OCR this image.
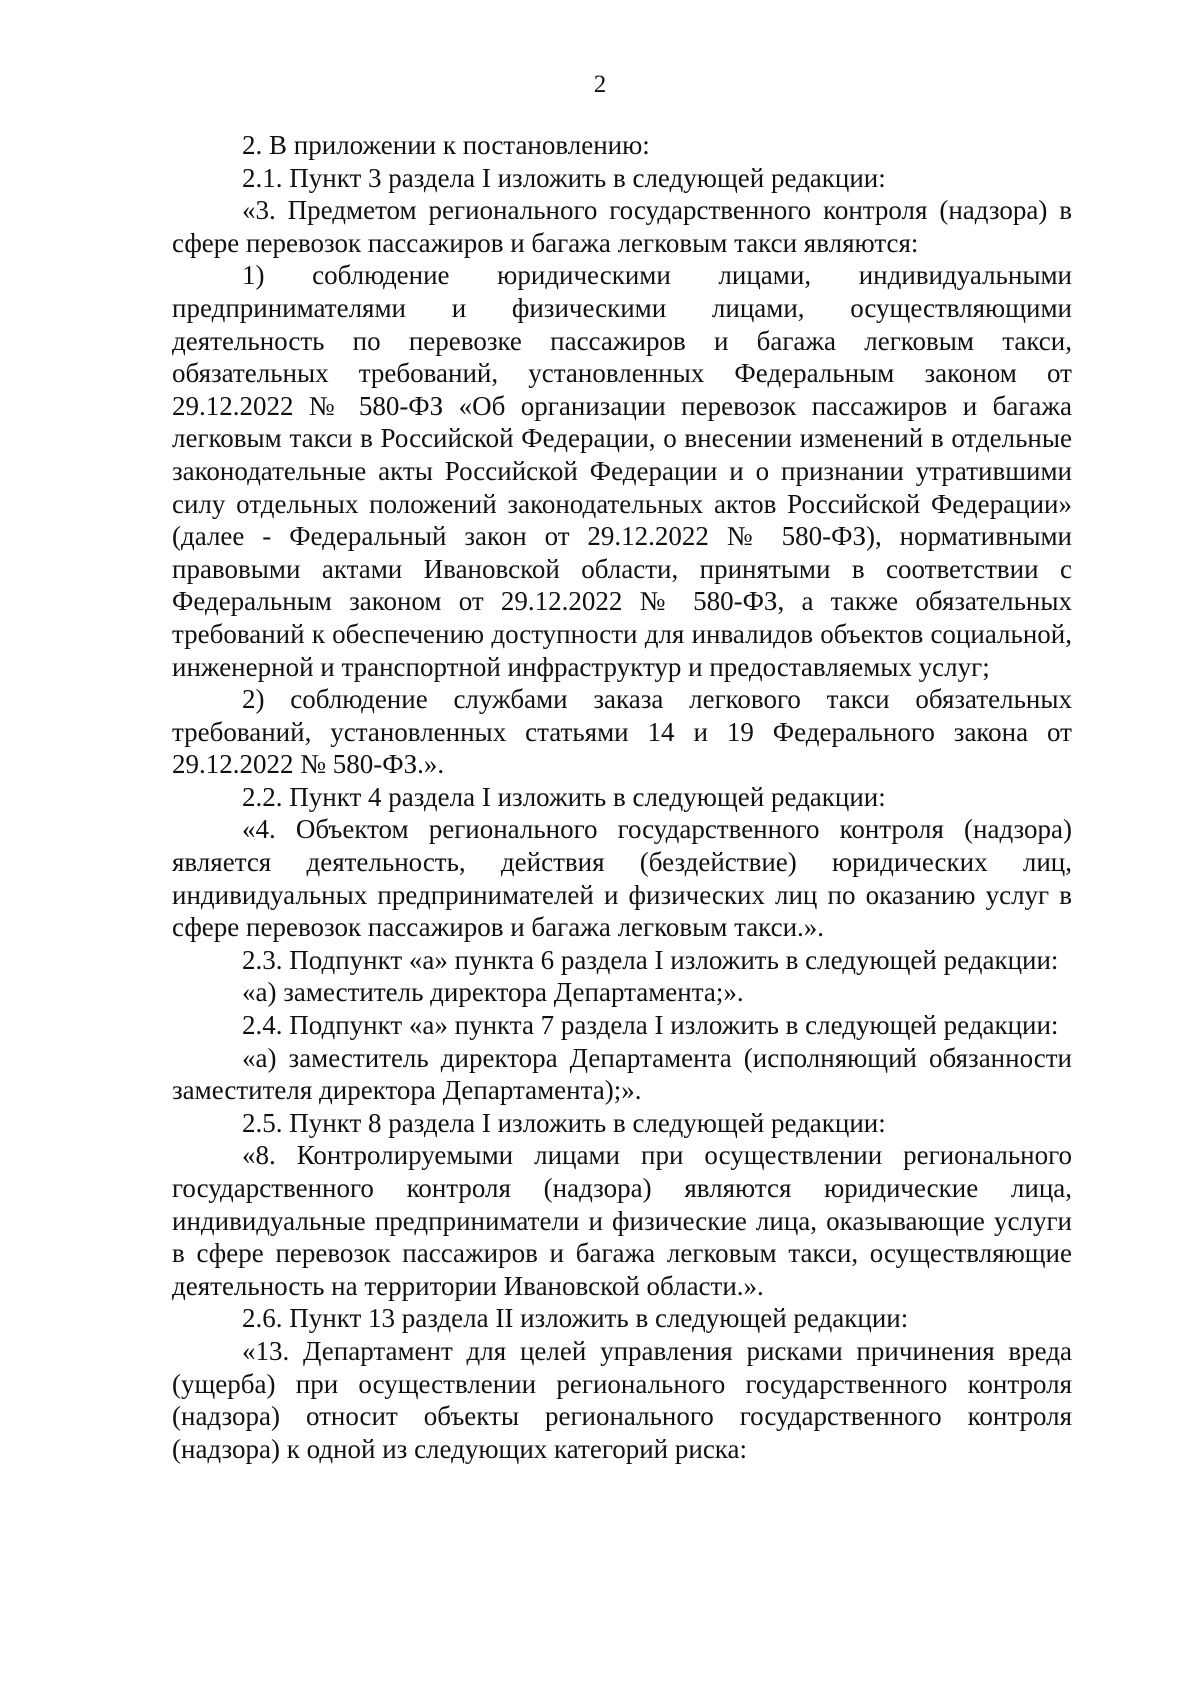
2

2. В приложении к постановлению:

2.1. Пункт 3 раздела I изложить в следующей редакции:

«3. Предметом регионального государственного контроля (надзора) в сфере перевозок пассажиров и багажа легковым такси являются:

1) соблюдение юридическими лицами, индивидуальными предпринимателями и физическими лицами, осуществляющими деятельность по перевозке пассажиров и багажа легковым такси, обязательных требований, установленных Федеральным законом от 29.12.2022 № 580-ФЗ «Об организации перевозок пассажиров и багажа легковым такси в Российской Федерации, о внесении изменений в отдельные законодательные акты Российской Федерации и о признании утратившими силу отдельных положений законодательных актов Российской Федерации» (далее - Федеральный закон от 29.12.2022 № 580-ФЗ), нормативными правовыми актами Ивановской области, принятыми в соответствии с Федеральным законом от 29.12.2022 № 580-ФЗ, а также обязательных требований к обеспечению доступности для инвалидов объектов социальной, инженерной и транспортной инфраструктур и предоставляемых услуг;

2) соблюдение службами заказа легкового такси обязательных требований, установленных статьями 14 и 19 Федерального закона от 29.12.2022 № 580-ФЗ.».

2.2. Пункт 4 раздела I изложить в следующей редакции:

«4. Объектом регионального государственного контроля (надзора) является деятельность, действия (бездействие) юридических лиц, индивидуальных предпринимателей и физических лиц по оказанию услуг в сфере перевозок пассажиров и багажа легковым такси.».

2.3. Подпункт «а» пункта 6 раздела I изложить в следующей редакции:

«а) заместитель директора Департамента;».

2.4. Подпункт «а» пункта 7 раздела I изложить в следующей редакции:

«а) заместитель директора Департамента (исполняющий обязанности заместителя директора Департамента);».

2.5. Пункт 8 раздела I изложить в следующей редакции:

«8. Контролируемыми лицами при осуществлении регионального государственного контроля (надзора) являются юридические лица, индивидуальные предприниматели и физические лица, оказывающие услуги в сфере перевозок пассажиров и багажа легковым такси, осуществляющие деятельность на территории Ивановской области.».

2.6. Пункт 13 раздела II изложить в следующей редакции:

«13. Департамент для целей управления рисками причинения вреда (ущерба) при осуществлении регионального государственного контроля (надзора) относит объекты регионального государственного контроля (надзора) к одной из следующих категорий риска:
